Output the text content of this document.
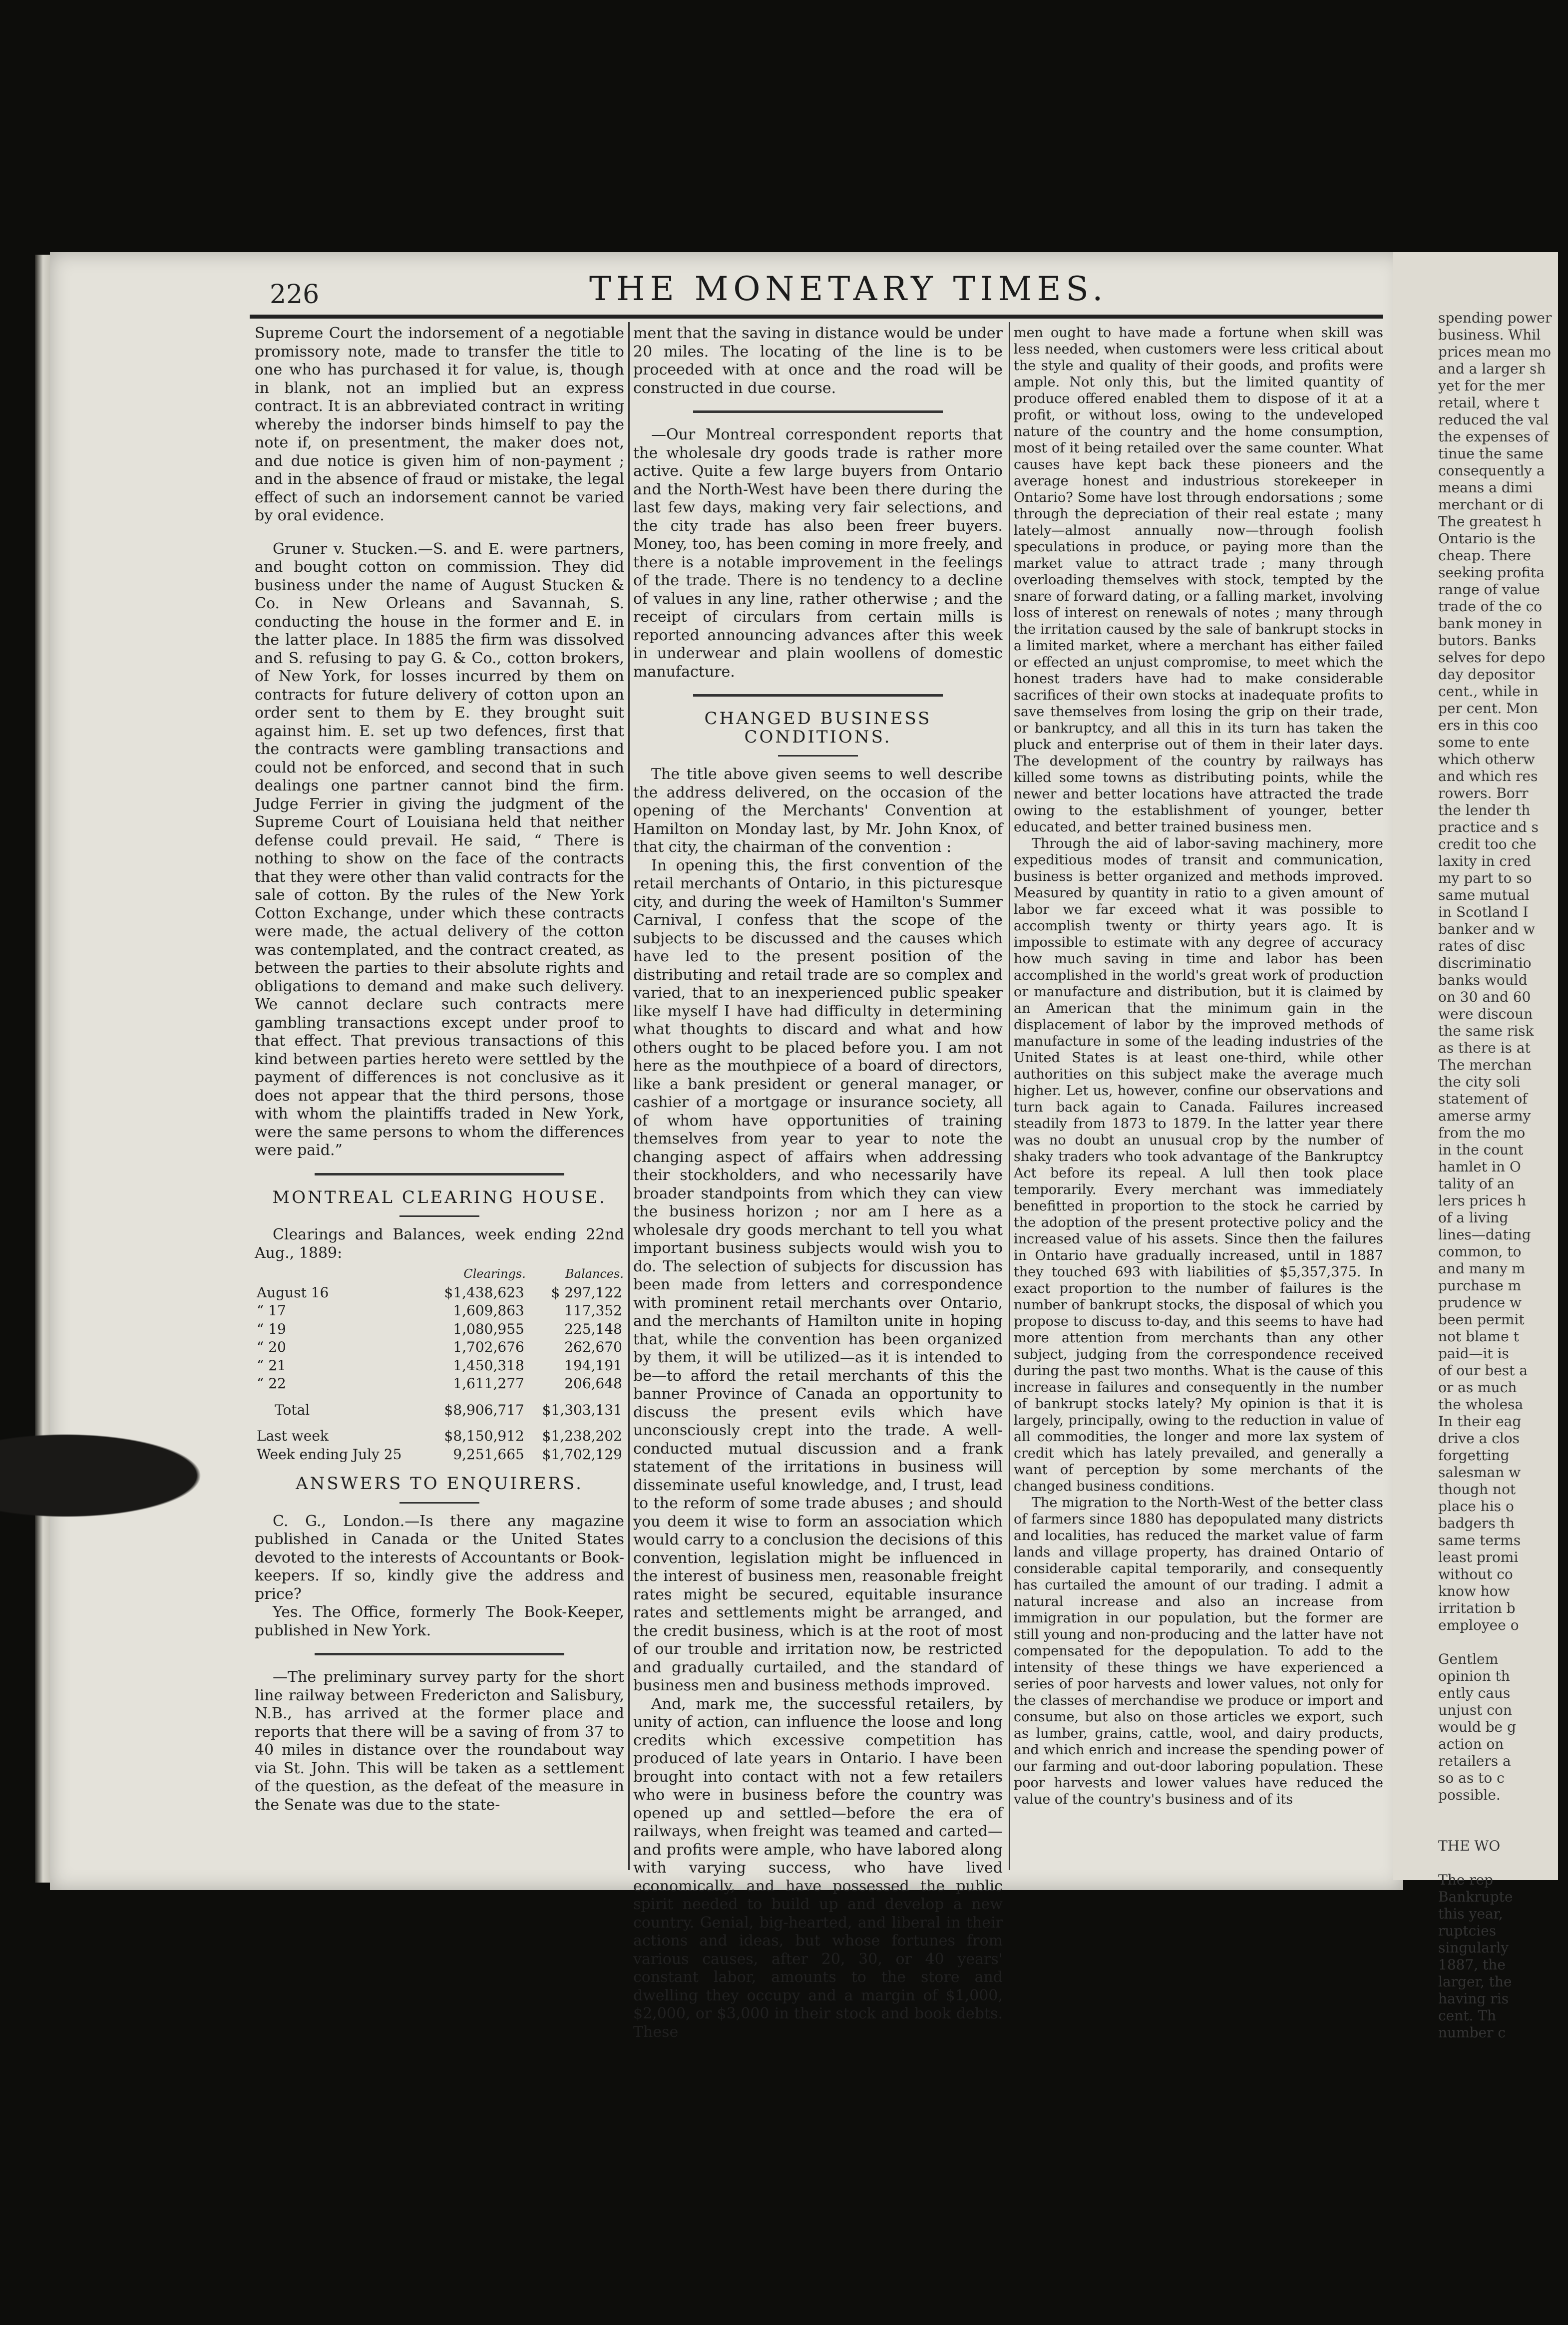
spending power
business. Whil
prices mean mo
and a larger sh
yet for the mer
retail, where t
reduced the val
the expenses of
tinue the same
consequently a
means a dimi
merchant or di
The greatest h
Ontario is the
cheap. There
seeking profita
range of value
trade of the co
bank money in
butors. Banks
selves for depo
day depositor
cent., while in
per cent. Mon
ers in this coo
some to ente
which otherw
and which res
rowers. Borr
the lender th
practice and s
credit too che
laxity in cred
my part to so
same mutual
in Scotland I
banker and w
rates of disc
discriminatio
banks would
on 30 and 60
were discoun
the same risk
as there is at
The merchan
the city soli
statement of
amerse army
from the mo
in the count
hamlet in O
tality of an
lers prices h
of a living
lines—dating
common, to
and many m
purchase m
prudence w
been permit
not blame t
paid—it is
of our best a
or as much
the wholesa
In their eag
drive a clos
forgetting
salesman w
though not
place his o
badgers th
same terms
least promi
without co
know how
irritation b
employee o
Gentlem
opinion th
ently caus
unjust con
would be g
action on
retailers a
so as to c
possible.
THE WO
The rep
Bankrupte
this year,
ruptcies
singularly
1887, the
larger, the
having ris
cent. Th
number c
226	THE MONETARY TIMES.

Supreme Court the indorsement of a negotiable promissory note, made to transfer the title to one who has purchased it for value, is, though in blank, not an implied but an express contract. It is an abbreviated contract in writing whereby the indorser binds himself to pay the note if, on presentment, the maker does not, and due notice is given him of non-payment ; and in the absence of fraud or mistake, the legal effect of such an indorsement cannot be varied by oral evidence.

Gruner v. Stucken.—S. and E. were partners, and bought cotton on commission. They did business under the name of August Stucken & Co. in New Orleans and Savannah, S. conducting the house in the former and E. in the latter place. In 1885 the firm was dissolved and S. refusing to pay G. & Co., cotton brokers, of New York, for losses incurred by them on contracts for future delivery of cotton upon an order sent to them by E. they brought suit against him. E. set up two defences, first that the contracts were gambling transactions and could not be enforced, and second that in such dealings one partner cannot bind the firm. Judge Ferrier in giving the judgment of the Supreme Court of Louisiana held that neither defense could prevail. He said, “ There is nothing to show on the face of the contracts that they were other than valid contracts for the sale of cotton. By the rules of the New York Cotton Exchange, under which these contracts were made, the actual delivery of the cotton was contemplated, and the contract created, as between the parties to their absolute rights and obligations to demand and make such delivery. We cannot declare such contracts mere gambling transactions except under proof to that effect. That previous transactions of this kind between parties hereto were settled by the payment of differences is not conclusive as it does not appear that the third persons, those with whom the plaintiffs traded in New York, were the same persons to whom the differences were paid.”

MONTREAL CLEARING HOUSE.

Clearings and Balances, week ending 22nd Aug., 1889:

	Clearings.	Balances.
August 16	$1,438,623	$ 297,122
“ 17	1,609,863	117,352
“ 19	1,080,955	225,148
“ 20	1,702,676	262,670
“ 21	1,450,318	194,191
“ 22	1,611,277	206,648

Total	$8,906,717	$1,303,131

Last week	$8,150,912	$1,238,202
Week ending July 25	9,251,665	$1,702,129
ANSWERS TO ENQUIRERS.

C. G., London.—Is there any magazine published in Canada or the United States devoted to the interests of Accountants or Book-keepers. If so, kindly give the address and price?

Yes. The Office, formerly The Book-Keeper, published in New York.

—The preliminary survey party for the short line railway between Fredericton and Salisbury, N.B., has arrived at the former place and reports that there will be a saving of from 37 to 40 miles in distance over the roundabout way via St. John. This will be taken as a settlement of the question, as the defeat of the measure in the Senate was due to the state-

ment that the saving in distance would be under 20 miles. The locating of the line is to be proceeded with at once and the road will be constructed in due course.

—Our Montreal correspondent reports that the wholesale dry goods trade is rather more active. Quite a few large buyers from Ontario and the North-West have been there during the last few days, making very fair selections, and the city trade has also been freer buyers. Money, too, has been coming in more freely, and there is a notable improvement in the feelings of the trade. There is no tendency to a decline of values in any line, rather otherwise ; and the receipt of circulars from certain mills is reported announcing advances after this week in underwear and plain woollens of domestic manufacture.

CHANGED BUSINESS CONDITIONS.

The title above given seems to well describe the address delivered, on the occasion of the opening of the Merchants' Convention at Hamilton on Monday last, by Mr. John Knox, of that city, the chairman of the convention :

In opening this, the first convention of the retail merchants of Ontario, in this picturesque city, and during the week of Hamilton's Summer Carnival, I confess that the scope of the subjects to be discussed and the causes which have led to the present position of the distributing and retail trade are so complex and varied, that to an inexperienced public speaker like myself I have had difficulty in determining what thoughts to discard and what and how others ought to be placed before you. I am not here as the mouthpiece of a board of directors, like a bank president or general manager, or cashier of a mortgage or insurance society, all of whom have opportunities of training themselves from year to year to note the changing aspect of affairs when addressing their stockholders, and who necessarily have broader standpoints from which they can view the business horizon ; nor am I here as a wholesale dry goods merchant to tell you what important business subjects would wish you to do. The selection of subjects for discussion has been made from letters and correspondence with prominent retail merchants over Ontario, and the merchants of Hamilton unite in hoping that, while the convention has been organized by them, it will be utilized—as it is intended to be—to afford the retail merchants of this the banner Province of Canada an opportunity to discuss the present evils which have unconsciously crept into the trade. A well-conducted mutual discussion and a frank statement of the irritations in business will disseminate useful knowledge, and, I trust, lead to the reform of some trade abuses ; and should you deem it wise to form an association which would carry to a conclusion the decisions of this convention, legislation might be influenced in the interest of business men, reasonable freight rates might be secured, equitable insurance rates and settlements might be arranged, and the credit business, which is at the root of most of our trouble and irritation now, be restricted and gradually curtailed, and the standard of business men and business methods improved.

And, mark me, the successful retailers, by unity of action, can influence the loose and long credits which excessive competition has produced of late years in Ontario. I have been brought into contact with not a few retailers who were in business before the country was opened up and settled—before the era of railways, when freight was teamed and carted—and profits were ample, who have labored along with varying success, who have lived economically, and have possessed the public spirit needed to build up and develop a new country. Genial, big-hearted, and liberal in their actions and ideas, but whose fortunes from various causes, after 20, 30, or 40 years' constant labor, amounts to the store and dwelling they occupy and a margin of $1,000, $2,000, or $3,000 in their stock and book debts. These

men ought to have made a fortune when skill was less needed, when customers were less critical about the style and quality of their goods, and profits were ample. Not only this, but the limited quantity of produce offered enabled them to dispose of it at a profit, or without loss, owing to the undeveloped nature of the country and the home consumption, most of it being retailed over the same counter. What causes have kept back these pioneers and the average honest and industrious storekeeper in Ontario? Some have lost through endorsations ; some through the depreciation of their real estate ; many lately—almost annually now—through foolish speculations in produce, or paying more than the market value to attract trade ; many through overloading themselves with stock, tempted by the snare of forward dating, or a falling market, involving loss of interest on renewals of notes ; many through the irritation caused by the sale of bankrupt stocks in a limited market, where a merchant has either failed or effected an unjust compromise, to meet which the honest traders have had to make considerable sacrifices of their own stocks at inadequate profits to save themselves from losing the grip on their trade, or bankruptcy, and all this in its turn has taken the pluck and enterprise out of them in their later days. The development of the country by railways has killed some towns as distributing points, while the newer and better locations have attracted the trade owing to the establishment of younger, better educated, and better trained business men.

Through the aid of labor-saving machinery, more expeditious modes of transit and communication, business is better organized and methods improved. Measured by quantity in ratio to a given amount of labor we far exceed what it was possible to accomplish twenty or thirty years ago. It is impossible to estimate with any degree of accuracy how much saving in time and labor has been accomplished in the world's great work of production or manufacture and distribution, but it is claimed by an American that the minimum gain in the displacement of labor by the improved methods of manufacture in some of the leading industries of the United States is at least one-third, while other authorities on this subject make the average much higher. Let us, however, confine our observations and turn back again to Canada. Failures increased steadily from 1873 to 1879. In the latter year there was no doubt an unusual crop by the number of shaky traders who took advantage of the Bankruptcy Act before its repeal. A lull then took place temporarily. Every merchant was immediately benefitted in proportion to the stock he carried by the adoption of the present protective policy and the increased value of his assets. Since then the failures in Ontario have gradually increased, until in 1887 they touched 693 with liabilities of $5,357,375. In exact proportion to the number of failures is the number of bankrupt stocks, the disposal of which you propose to discuss to-day, and this seems to have had more attention from merchants than any other subject, judging from the correspondence received during the past two months. What is the cause of this increase in failures and consequently in the number of bankrupt stocks lately? My opinion is that it is largely, principally, owing to the reduction in value of all commodities, the longer and more lax system of credit which has lately prevailed, and generally a want of perception by some merchants of the changed business conditions.

The migration to the North-West of the better class of farmers since 1880 has depopulated many districts and localities, has reduced the market value of farm lands and village property, has drained Ontario of considerable capital temporarily, and consequently has curtailed the amount of our trading. I admit a natural increase and also an increase from immigration in our population, but the former are still young and non-producing and the latter have not compensated for the depopulation. To add to the intensity of these things we have experienced a series of poor harvests and lower values, not only for the classes of merchandise we produce or import and consume, but also on those articles we export, such as lumber, grains, cattle, wool, and dairy products, and which enrich and increase the spending power of our farming and out-door laboring population. These poor harvests and lower values have reduced the value of the country's business and of its
